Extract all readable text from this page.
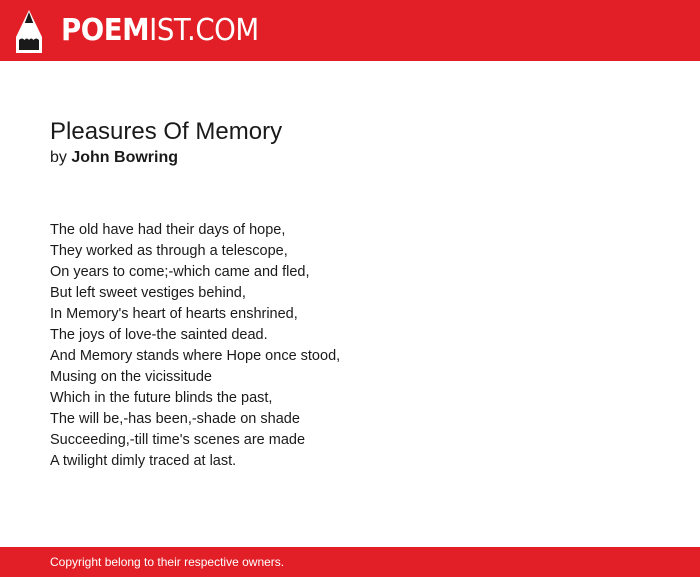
POEMIST.COM
Pleasures Of Memory
by John Bowring
The old have had their days of hope,
They worked as through a telescope,
On years to come;-which came and fled,
But left sweet vestiges behind,
In Memory's heart of hearts enshrined,
The joys of love-the sainted dead.
And Memory stands where Hope once stood,
Musing on the vicissitude
Which in the future blinds the past,
The will be,-has been,-shade on shade
Succeeding,-till time's scenes are made
A twilight dimly traced at last.
Copyright belong to their respective owners.
